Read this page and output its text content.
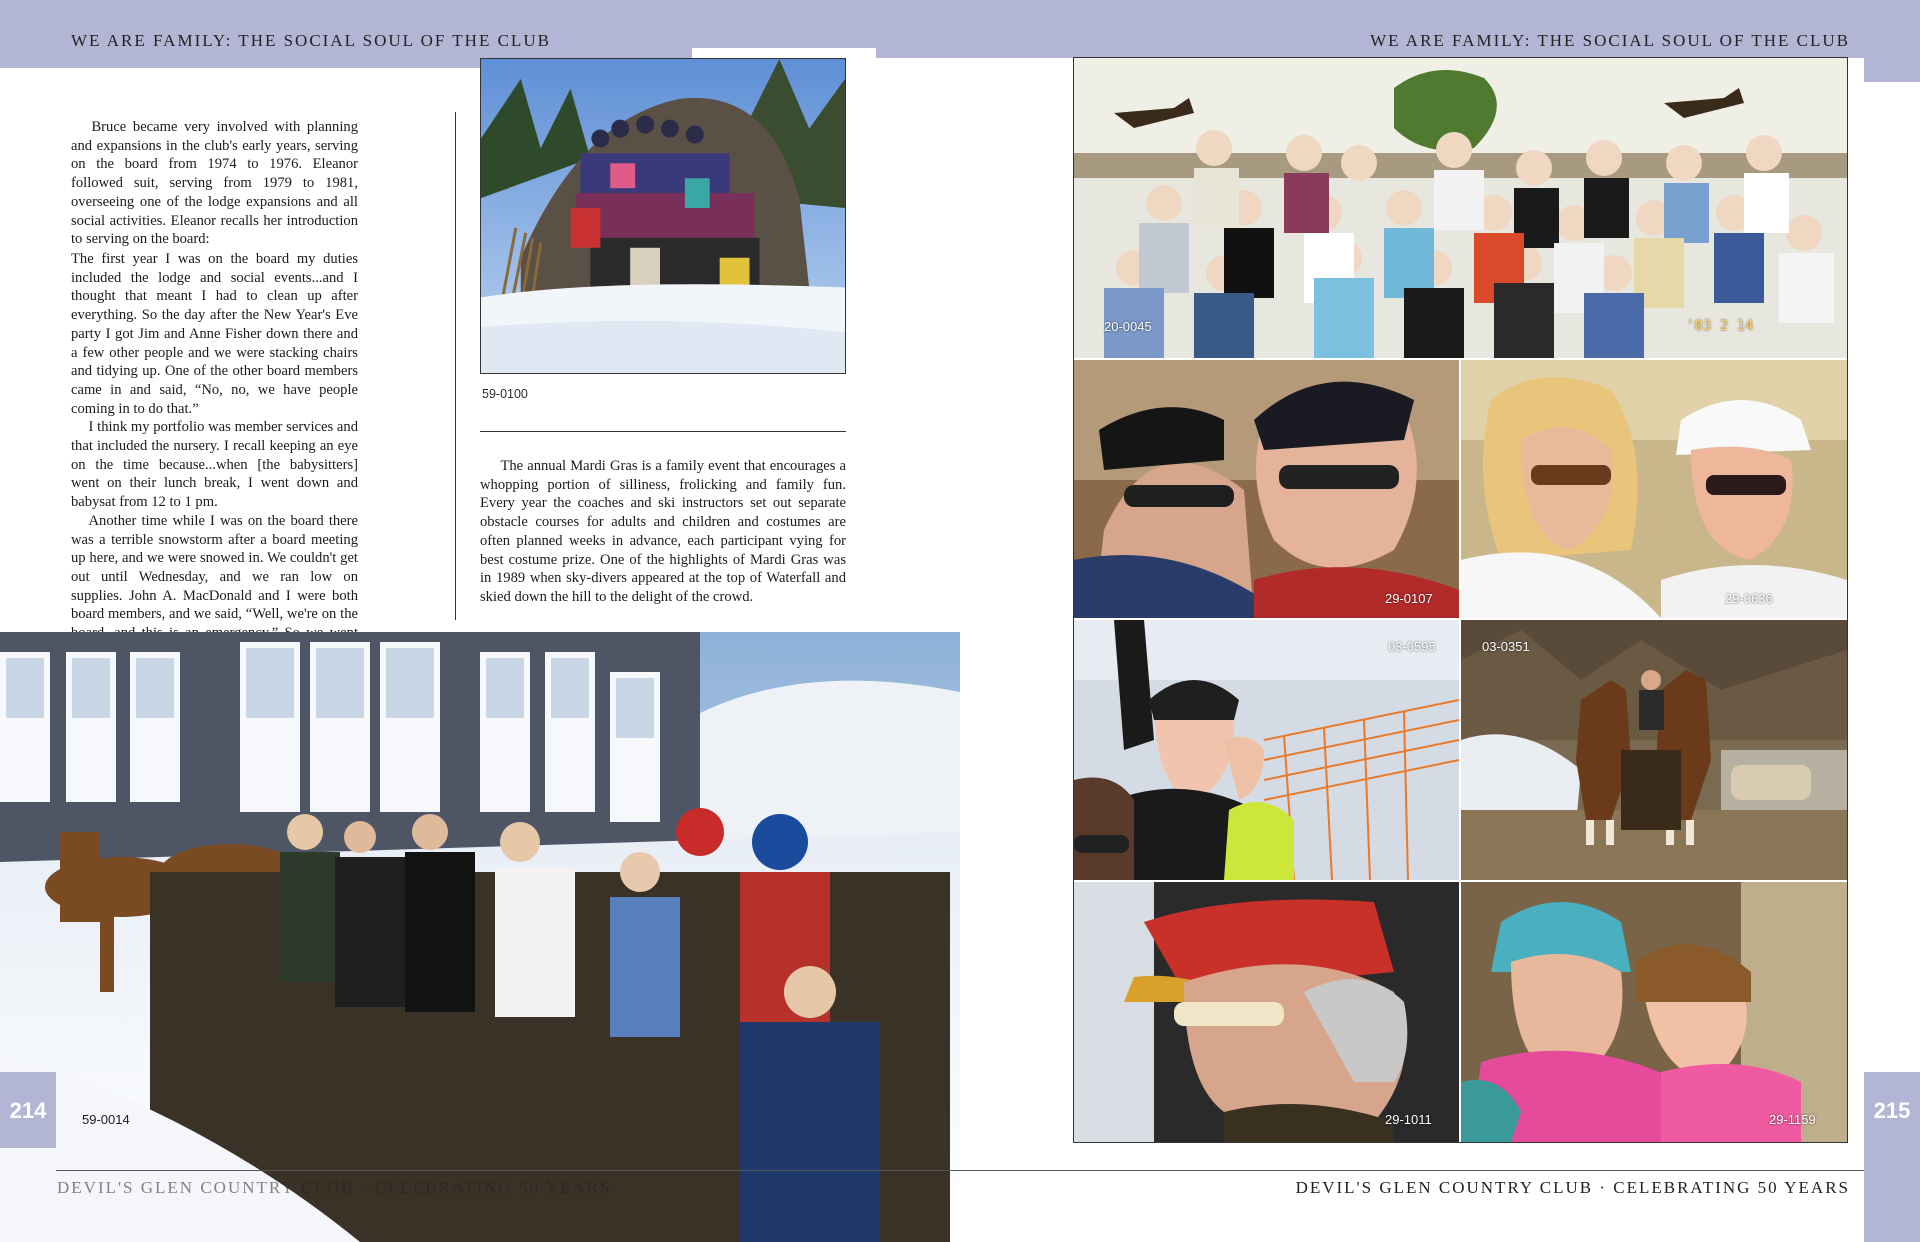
WE ARE FAMILY: THE SOCIAL SOUL OF THE CLUB

Bruce became very involved with planning and expansions in the club's early years, serving on the board from 1974 to 1976. Eleanor followed suit, serving from 1979 to 1981, overseeing one of the lodge expansions and all social activities. Eleanor recalls her introduction to serving on the board:

The first year I was on the board my duties included the lodge and social events...and I thought that meant I had to clean up after everything. So the day after the New Year's Eve party I got Jim and Anne Fisher down there and a few other people and we were stacking chairs and tidying up. One of the other board members came in and said, “No, no, we have people coming in to do that.”

I think my portfolio was member services and that included the nursery. I recall keeping an eye on the time because...when [the babysitters] went on their lunch break, I went down and babysat from 12 to 1 pm.

Another time while I was on the board there was a terrible snowstorm after a board meeting up here, and we were snowed in. We couldn't get out until Wednesday, and we ran low on supplies. John A. MacDonald and I were both board members, and we said, “Well, we're on the

59-0100

The annual Mardi Gras is a family event that encourages a whopping portion of silliness, frolicking and family fun. Every year the coaches and ski instructors set out separate obstacle courses for adults and children and costumes are often planned weeks in advance, each participant vying for best costume prize. One of the highlights of Mardi Gras was in 1989 when sky-divers appeared at the top of Waterfall and skied down the hill to the delight of the crowd.

59-0014
214
DEVIL'S GLEN COUNTRY CLUB · CELEBRATING 50 YEARS
WE ARE FAMILY: THE SOCIAL SOUL OF THE CLUB
20-0045	'03 2 14
29-0107	29-0636
03-0595	03-0351
29-1011	29-1159	215
DEVIL'S GLEN COUNTRY CLUB · CELEBRATING 50 YEARS
